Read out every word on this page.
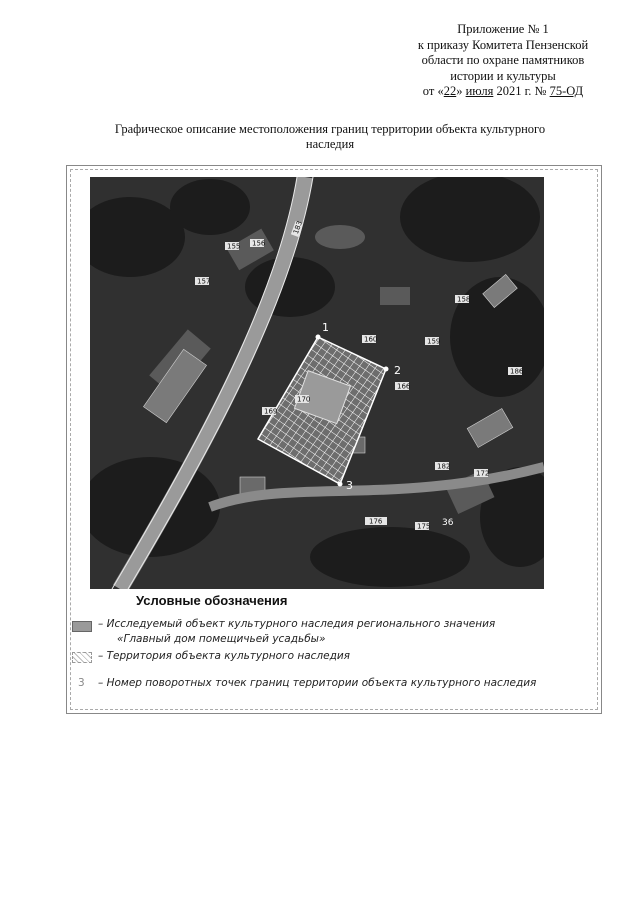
Приложение № 1
к приказу Комитета Пензенской
области по охране памятников
истории и культуры
от «22» июля 2021 г. № 75-ОД
Графическое описание местоположения границ территории объекта культурного
наследия
2
3
1
155 156
157
158
159
160
166
169
170
172
175
176
182
183
186
36
Условные обозначения
– Исследуемый объект культурного наследия регионального значения
«Главный дом помещичьей усадьбы»
– Территория объекта культурного наследия
3 – Номер поворотных точек границ территории объекта культурного наследия
